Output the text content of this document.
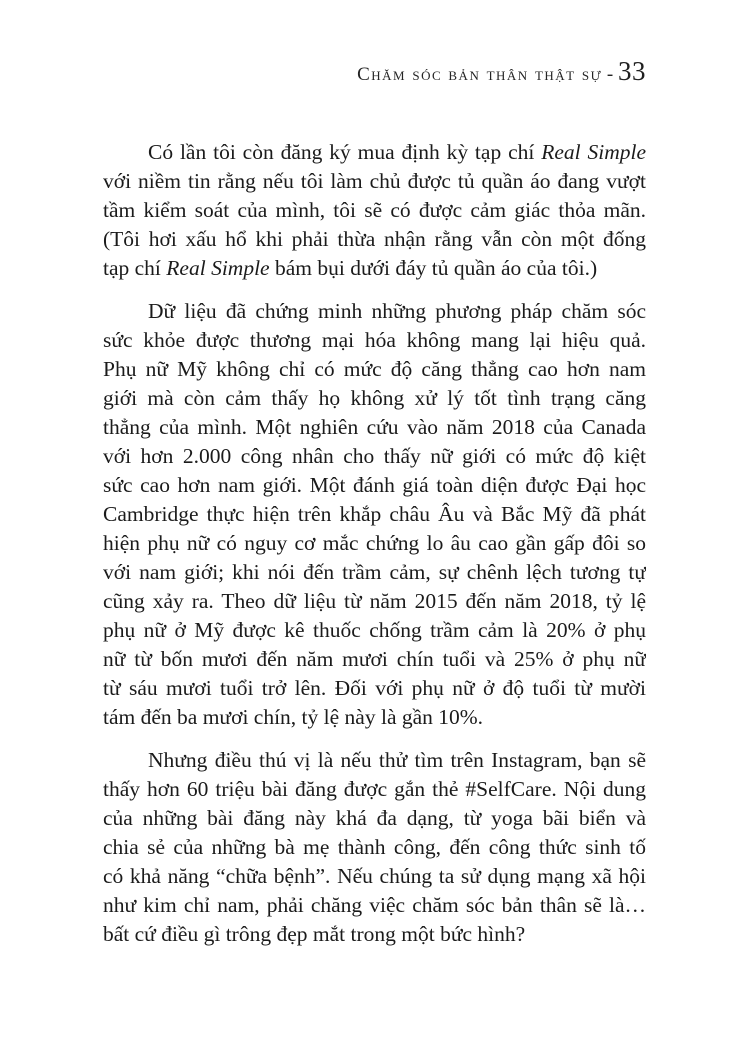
Chăm sóc bản thân thật sự - 33
Có lần tôi còn đăng ký mua định kỳ tạp chí Real Simple
với niềm tin rằng nếu tôi làm chủ được tủ quần áo đang vượt
tầm kiểm soát của mình, tôi sẽ có được cảm giác thỏa mãn.
(Tôi hơi xấu hổ khi phải thừa nhận rằng vẫn còn một đống
tạp chí Real Simple bám bụi dưới đáy tủ quần áo của tôi.)
Dữ liệu đã chứng minh những phương pháp chăm sóc
sức khỏe được thương mại hóa không mang lại hiệu quả.
Phụ nữ Mỹ không chỉ có mức độ căng thẳng cao hơn nam
giới mà còn cảm thấy họ không xử lý tốt tình trạng căng
thẳng của mình. Một nghiên cứu vào năm 2018 của Canada
với hơn 2.000 công nhân cho thấy nữ giới có mức độ kiệt
sức cao hơn nam giới. Một đánh giá toàn diện được Đại học
Cambridge thực hiện trên khắp châu Âu và Bắc Mỹ đã phát
hiện phụ nữ có nguy cơ mắc chứng lo âu cao gần gấp đôi so
với nam giới; khi nói đến trầm cảm, sự chênh lệch tương tự
cũng xảy ra. Theo dữ liệu từ năm 2015 đến năm 2018, tỷ lệ
phụ nữ ở Mỹ được kê thuốc chống trầm cảm là 20% ở phụ
nữ từ bốn mươi đến năm mươi chín tuổi và 25% ở phụ nữ
từ sáu mươi tuổi trở lên. Đối với phụ nữ ở độ tuổi từ mười
tám đến ba mươi chín, tỷ lệ này là gần 10%.
Nhưng điều thú vị là nếu thử tìm trên Instagram, bạn sẽ
thấy hơn 60 triệu bài đăng được gắn thẻ #SelfCare. Nội dung
của những bài đăng này khá đa dạng, từ yoga bãi biển và
chia sẻ của những bà mẹ thành công, đến công thức sinh tố
có khả năng “chữa bệnh”. Nếu chúng ta sử dụng mạng xã hội
như kim chỉ nam, phải chăng việc chăm sóc bản thân sẽ là…
bất cứ điều gì trông đẹp mắt trong một bức hình?
